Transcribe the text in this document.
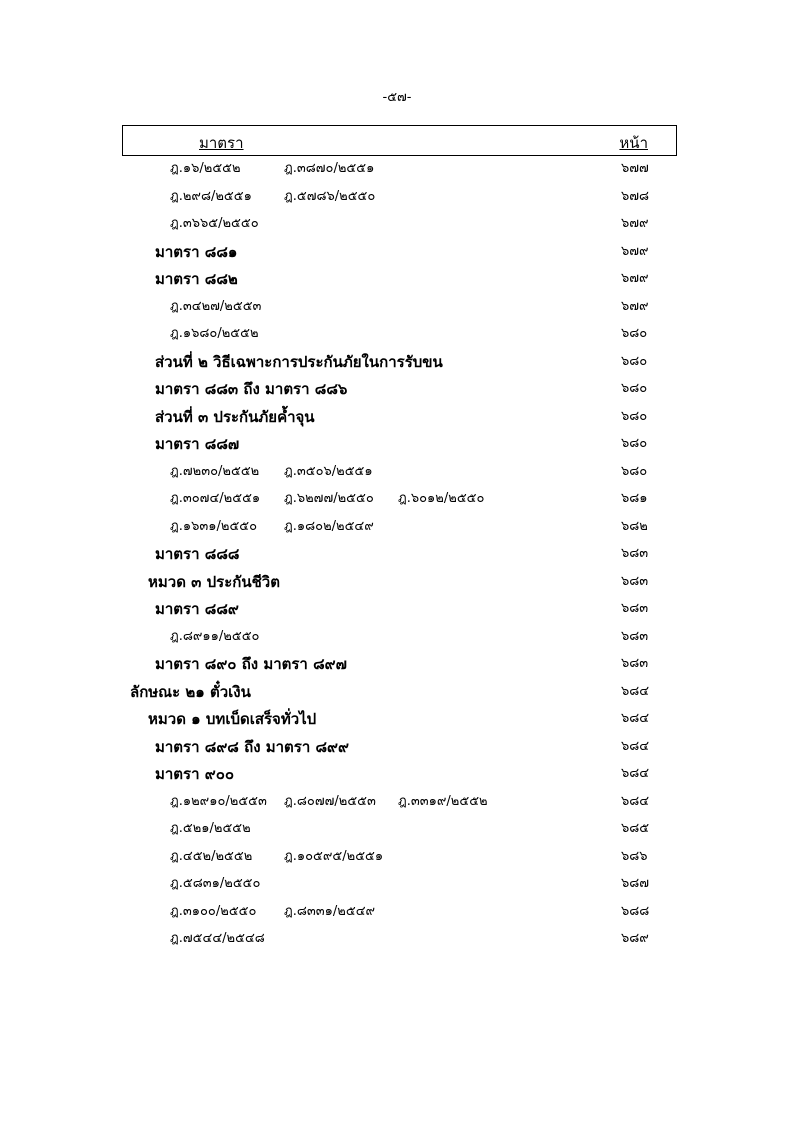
-๕๗-
มาตรา	หน้า
ฎ.๑๖/๒๕๕๒	ฎ.๓๘๗๐/๒๕๕๑	๖๗๗
ฎ.๒๙๘/๒๕๕๑ ฎ.๕๗๘๖/๒๕๕๐	๖๗๘
ฎ.๓๖๖๕/๒๕๕๐	๖๗๙
มาตรา ๘๘๑	๖๗๙
มาตรา ๘๘๒	๖๗๙
ฎ.๓๔๒๗/๒๕๕๓	๖๗๙
ฎ.๑๖๘๐/๒๕๕๒	๖๘๐
ส่วนที่ ๒ วิธีเฉพาะการประกันภัยในการรับขน	๖๘๐
มาตรา ๘๘๓ ถึง มาตรา ๘๘๖	๖๘๐
ส่วนที่ ๓ ประกันภัยค้ำจุน	๖๘๐
มาตรา ๘๘๗	๖๘๐
ฎ.๗๒๓๐/๒๕๕๒ ฎ.๓๕๐๖/๒๕๕๑	๖๘๐
ฎ.๓๐๗๔/๒๕๕๑ ฎ.๖๒๗๗/๒๕๕๐ ฎ.๖๐๑๒/๒๕๕๐	๖๘๑
ฎ.๑๖๓๑/๒๕๕๐ ฎ.๑๘๐๒/๒๕๔๙	๖๘๒
มาตรา ๘๘๘	๖๘๓
หมวด ๓ ประกันชีวิต	๖๘๓
มาตรา ๘๘๙	๖๘๓
ฎ.๘๙๑๑/๒๕๕๐	๖๘๓
มาตรา ๘๙๐ ถึง มาตรา ๘๙๗	๖๘๓
ลักษณะ ๒๑ ตั๋วเงิน	๖๘๔
หมวด ๑ บทเบ็ดเสร็จทั่วไป	๖๘๔
มาตรา ๘๙๘ ถึง มาตรา ๘๙๙	๖๘๔
มาตรา ๙๐๐	๖๘๔
ฎ.๑๒๙๑๐/๒๕๕๓ ฎ.๘๐๗๗/๒๕๕๓ ฎ.๓๓๑๙/๒๕๕๒	๖๘๔
ฎ.๕๒๑/๒๕๕๒	๖๘๕
ฎ.๔๕๒/๒๕๕๒ ฎ.๑๐๕๙๕/๒๕๕๑	๖๘๖
ฎ.๕๘๓๑/๒๕๕๐	๖๘๗
ฎ.๓๑๐๐/๒๕๕๐ ฎ.๘๓๓๑/๒๕๔๙	๖๘๘
ฎ.๗๕๔๔/๒๕๔๘	๖๘๙
